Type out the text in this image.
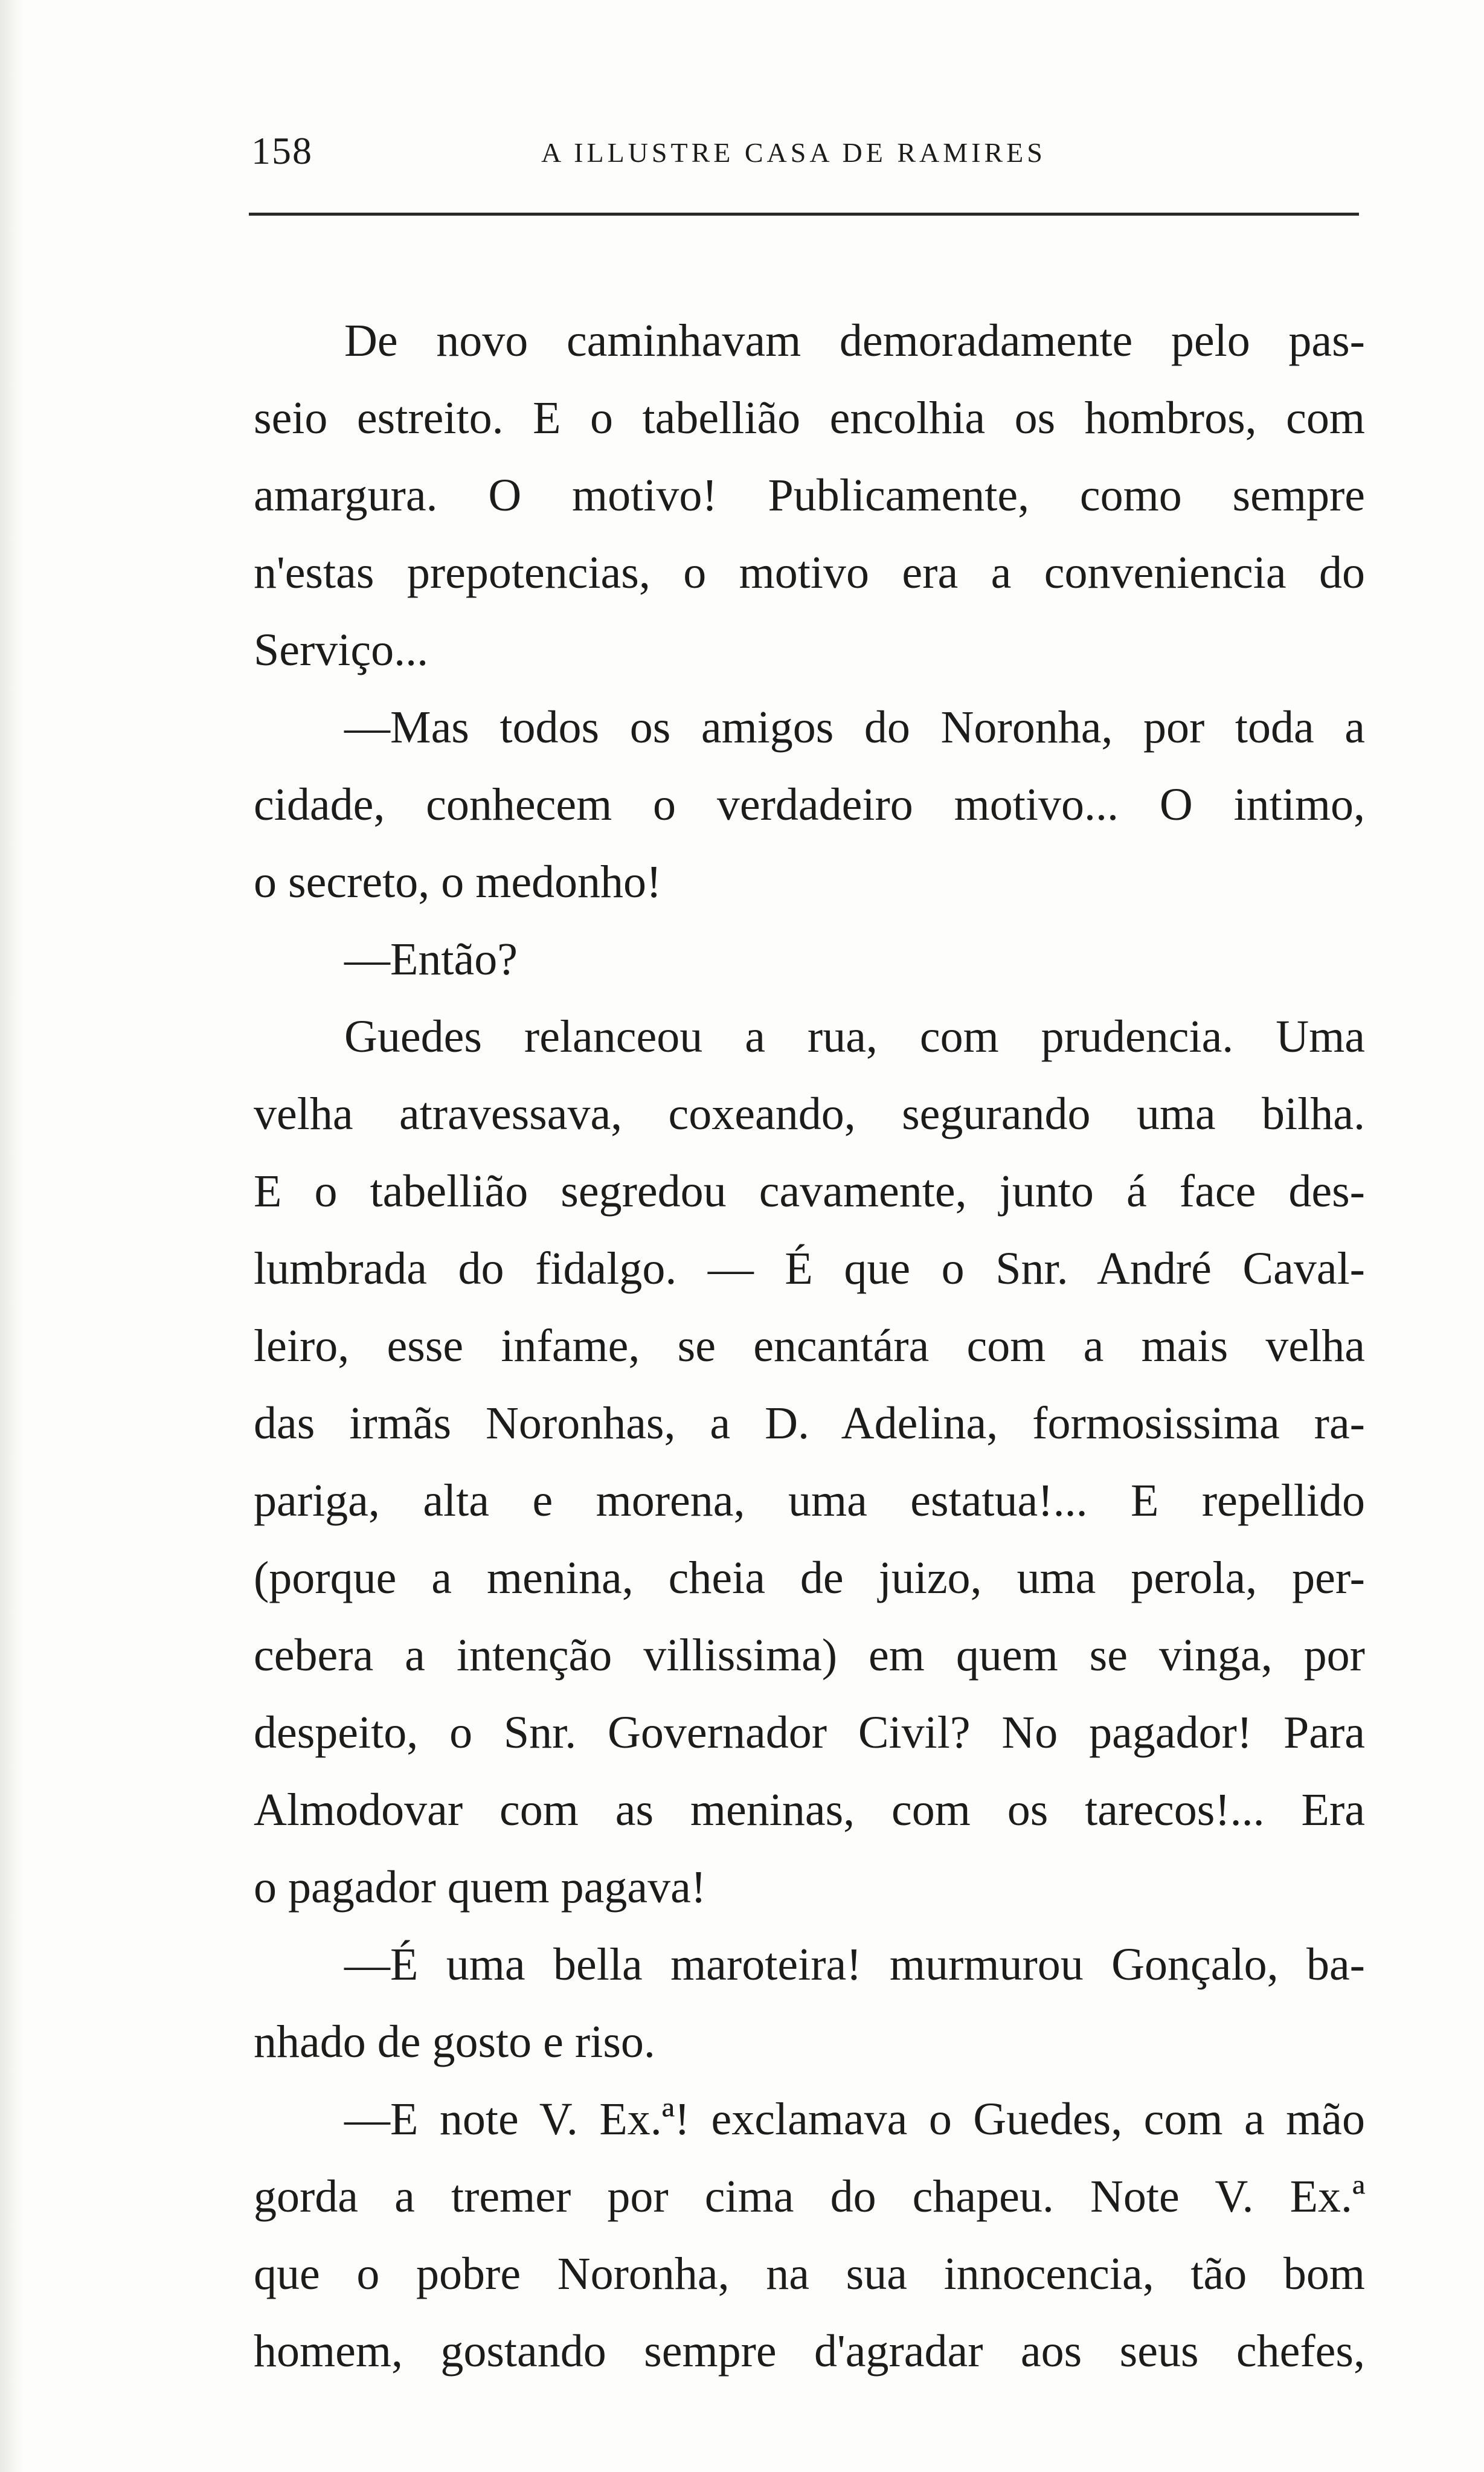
158	A ILLUSTRE CASA DE RAMIRES
De novo caminhavam demoradamente pelo pas-
seio estreito. E o tabellião encolhia os hombros, com
amargura. O motivo! Publicamente, como sempre
n'estas prepotencias, o motivo era a conveniencia do
Serviço...
—Mas todos os amigos do Noronha, por toda a
cidade, conhecem o verdadeiro motivo... O intimo,
o secreto, o medonho!
—Então?
Guedes relanceou a rua, com prudencia. Uma
velha atravessava, coxeando, segurando uma bilha.
E o tabellião segredou cavamente, junto á face des-
lumbrada do fidalgo. — É que o Snr. André Caval-
leiro, esse infame, se encantára com a mais velha
das irmãs Noronhas, a D. Adelina, formosissima ra-
pariga, alta e morena, uma estatua!... E repellido
(porque a menina, cheia de juizo, uma perola, per-
cebera a intenção villissima) em quem se vinga, por
despeito, o Snr. Governador Civil? No pagador! Para
Almodovar com as meninas, com os tarecos!... Era
o pagador quem pagava!
—É uma bella maroteira! murmurou Gonçalo, ba-
nhado de gosto e riso.
—E note V. Ex.ª! exclamava o Guedes, com a mão
gorda a tremer por cima do chapeu. Note V. Ex.ª
que o pobre Noronha, na sua innocencia, tão bom
homem, gostando sempre d'agradar aos seus chefes,
